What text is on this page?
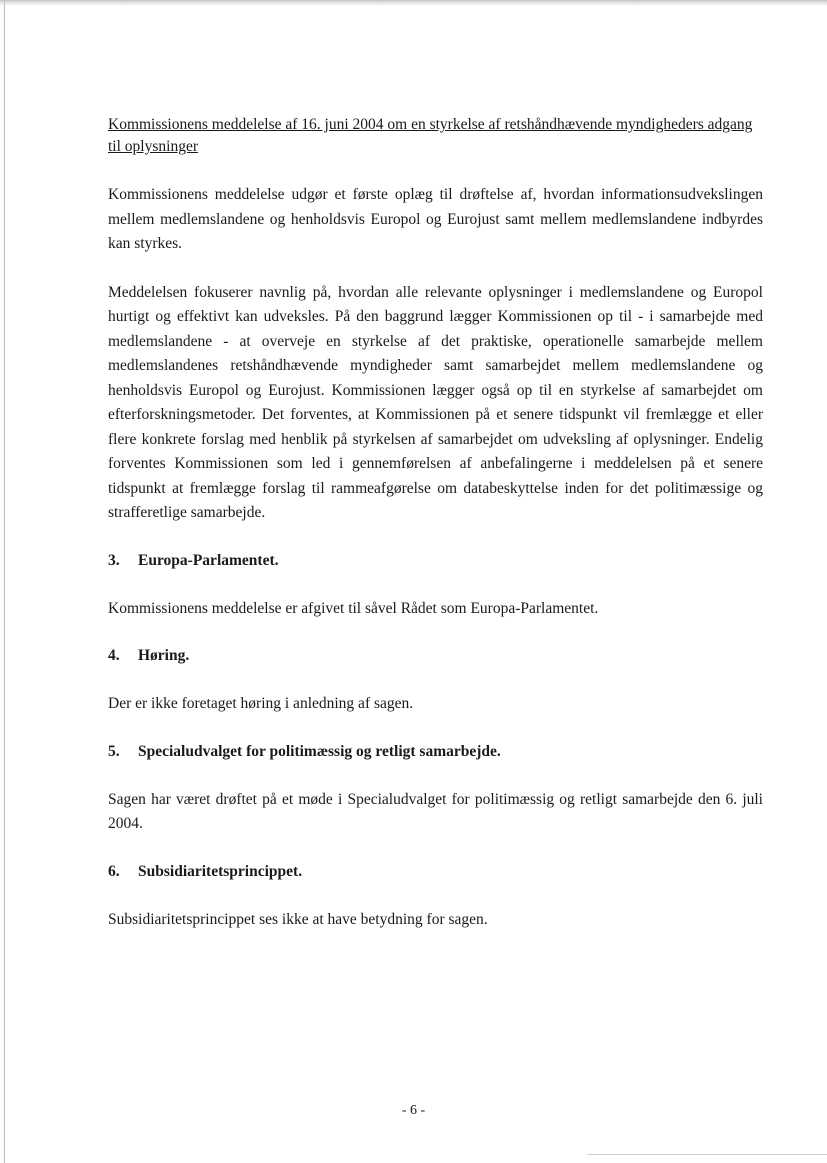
Kommissionens meddelelse af 16. juni 2004 om en styrkelse af retshåndhævende myndigheders adgang til oplysninger

Kommissionens meddelelse udgør et første oplæg til drøftelse af, hvordan informationsudvekslingen mellem medlemslandene og henholdsvis Europol og Eurojust samt mellem medlemslandene indbyrdes kan styrkes.

Meddelelsen fokuserer navnlig på, hvordan alle relevante oplysninger i medlemslandene og Europol hurtigt og effektivt kan udveksles. På den baggrund lægger Kommissionen op til - i samarbejde med medlemslandene - at overveje en styrkelse af det praktiske, operationelle samarbejde mellem medlemslandenes retshåndhævende myndigheder samt samarbejdet mellem medlemslandene og henholdsvis Europol og Eurojust. Kommissionen lægger også op til en styrkelse af samarbejdet om efterforskningsmetoder. Det forventes, at Kommissionen på et senere tidspunkt vil fremlægge et eller flere konkrete forslag med henblik på styrkelsen af samarbejdet om udveksling af oplysninger. Endelig forventes Kommissionen som led i gennemførelsen af anbefalingerne i meddelelsen på et senere tidspunkt at fremlægge forslag til rammeafgørelse om databeskyttelse inden for det politimæssige og strafferetlige samarbejde.

3.	Europa-Parlamentet.

Kommissionens meddelelse er afgivet til såvel Rådet som Europa-Parlamentet.

4.	Høring.

Der er ikke foretaget høring i anledning af sagen.

5.	Specialudvalget for politimæssig og retligt samarbejde.

Sagen har været drøftet på et møde i Specialudvalget for politimæssig og retligt samarbejde den 6. juli 2004.

6.	Subsidiaritetsprincippet.

Subsidiaritetsprincippet ses ikke at have betydning for sagen.

- 6 -
